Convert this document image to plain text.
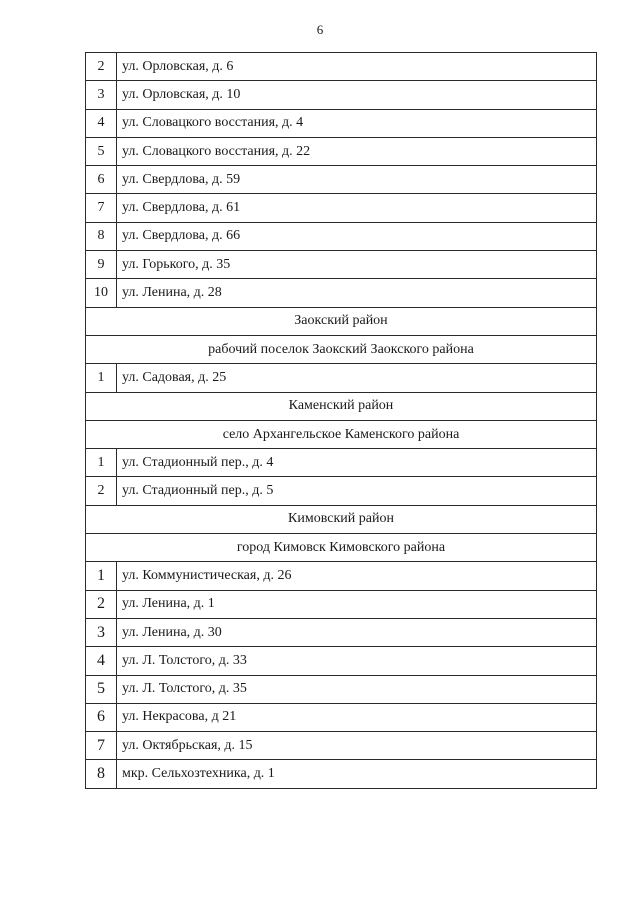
6
2	ул. Орловская, д. 6
3	ул. Орловская, д. 10
4	ул. Словацкого восстания, д. 4
5	ул. Словацкого восстания, д. 22
6	ул. Свердлова, д. 59
7	ул. Свердлова, д. 61
8	ул. Свердлова, д. 66
9	ул. Горького, д. 35
10	ул. Ленина, д. 28
Заокский район	
рабочий поселок Заокский Заокского района	
1	ул. Садовая, д. 25
Каменский район	
село Архангельское Каменского района	
1	ул. Стадионный пер., д. 4
2	ул. Стадионный пер., д. 5
Кимовский район	
город Кимовск Кимовского района	
1	ул. Коммунистическая, д. 26
2	ул. Ленина, д. 1
3	ул. Ленина, д. 30
4	ул. Л. Толстого, д. 33
5	ул. Л. Толстого, д. 35
6	ул. Некрасова, д 21
7	ул. Октябрьская, д. 15
8	мкр. Сельхозтехника, д. 1
